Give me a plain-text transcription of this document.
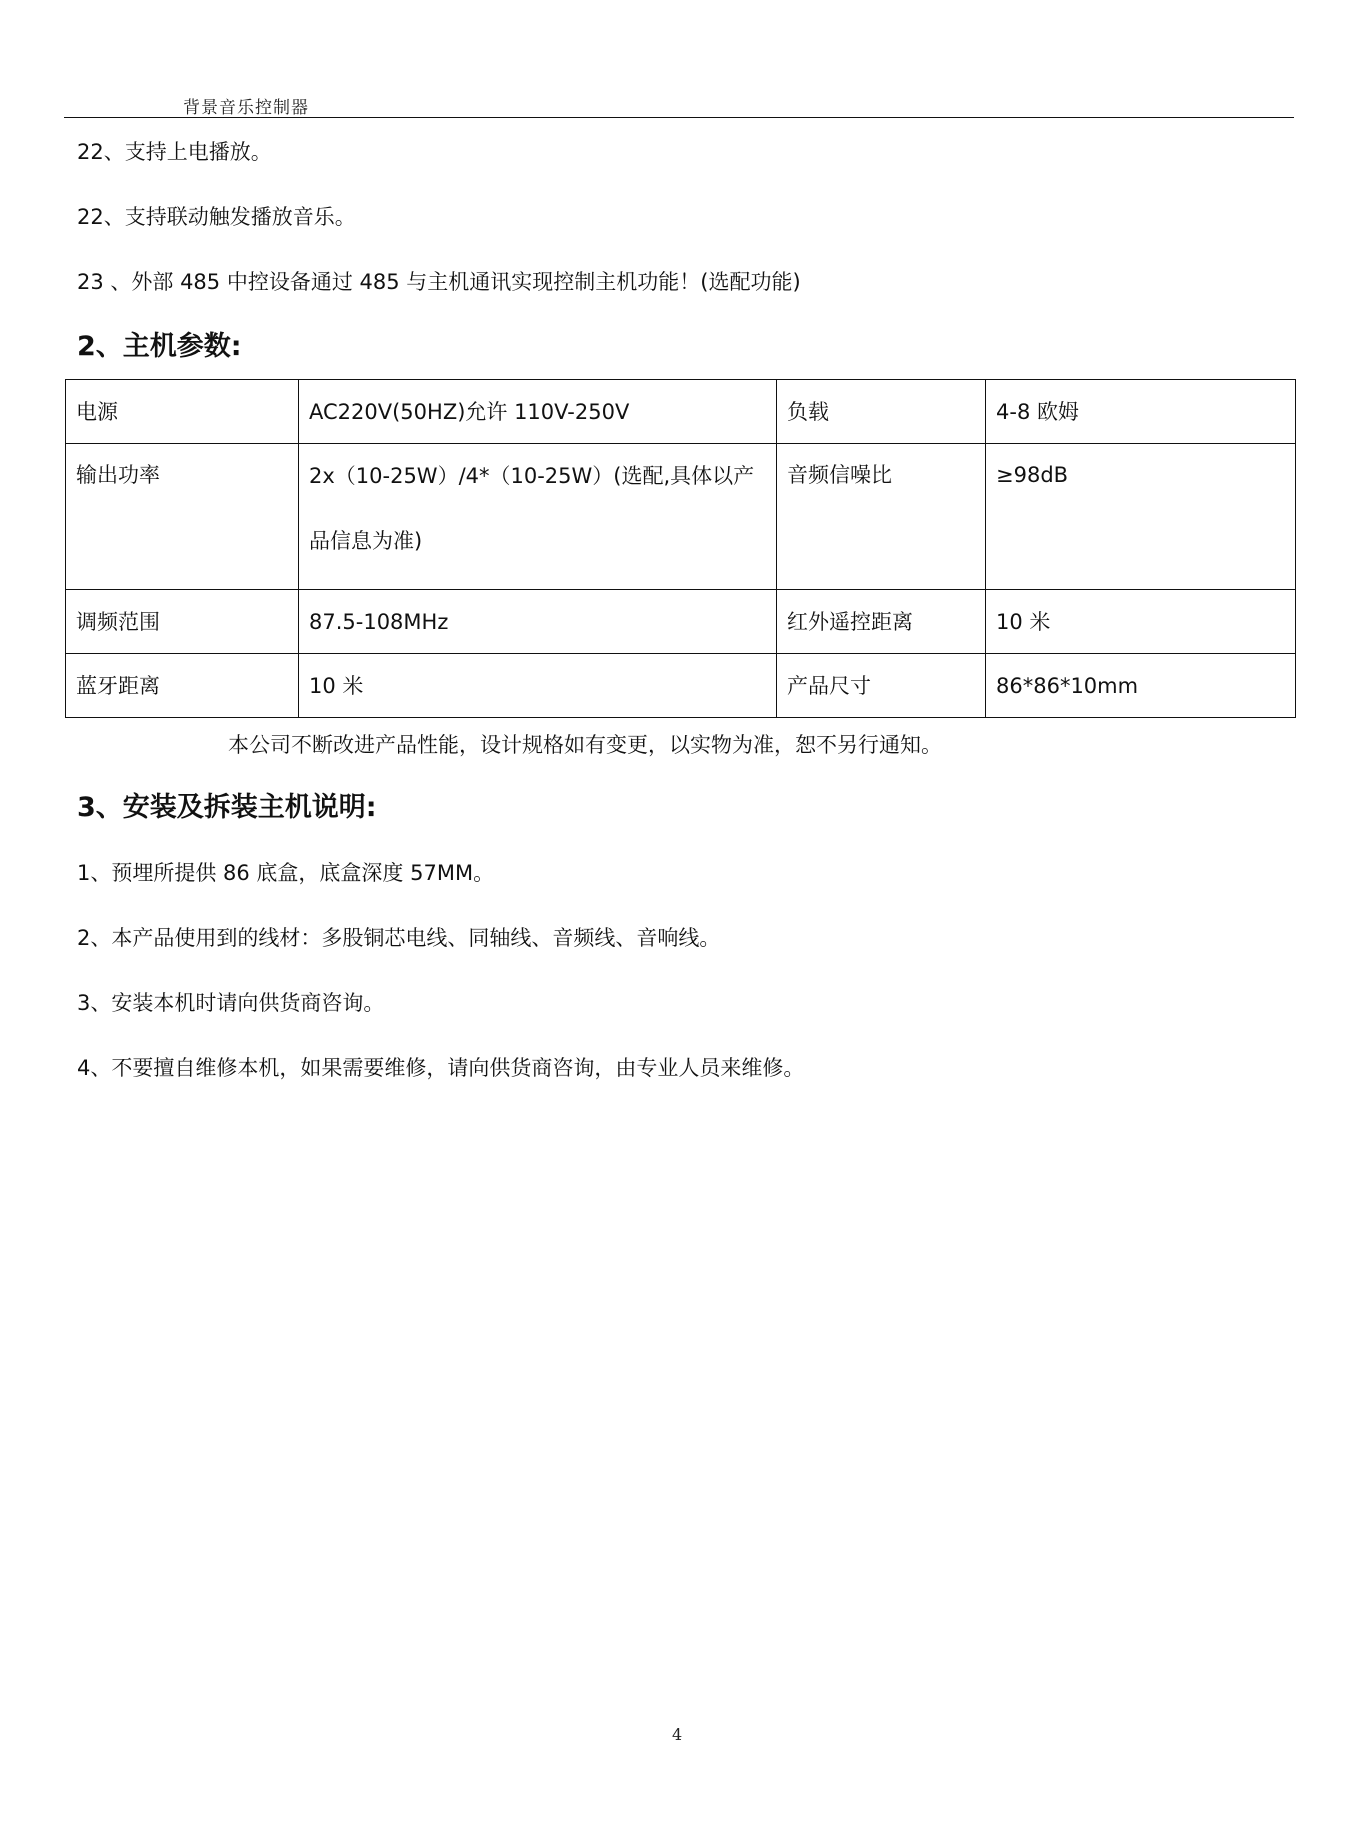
背景音乐控制器
22、支持上电播放。
22、支持联动触发播放音乐。
23 、外部 485 中控设备通过 485 与主机通讯实现控制主机功能！(选配功能)
2、主机参数:
电源	AC220V(50HZ)允许 110V-250V	负载	4-8 欧姆
输出功率	2x（10-25W）/4*（10-25W）(选配,具体以产品信息为准)	音频信噪比	≥98dB
调频范围	87.5-108MHz	红外遥控距离	10 米
蓝牙距离	10 米	产品尺寸	86*86*10mm
本公司不断改进产品性能，设计规格如有变更，以实物为准，恕不另行通知。
3、安装及拆装主机说明:
1、预埋所提供 86 底盒，底盒深度 57MM。
2、本产品使用到的线材：多股铜芯电线、同轴线、音频线、音响线。
3、安装本机时请向供货商咨询。
4、不要擅自维修本机，如果需要维修，请向供货商咨询，由专业人员来维修。
4
